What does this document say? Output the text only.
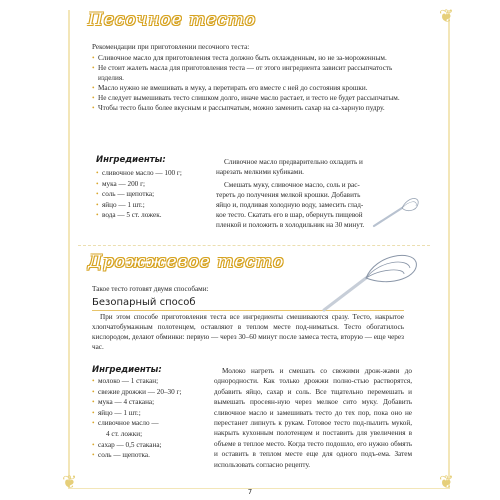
❦
❦	❦
Песочное тесто
Рекомендации при приготовлении песочного теста:
• Сливочное масло для приготовления теста должно быть охлажденным, но не за-мороженным.
• Не стоит жалеть масла для приготовления теста — от этого ингредиента зависит рассыпчатость изделия.
• Масло нужно не вмешивать в муку, а перетирать его вместе с ней до состояния крошки.
• Не следует вымешивать тесто слишком долго, иначе масло растает, и тесто не будет рассыпчатым.
• Чтобы тесто было более вкусным и рассыпчатым, можно заменить сахар на са-харную пудру.
Ингредиенты:
• сливочное масло — 100 г;
• мука — 200 г;
• соль — щепотка;
• яйцо — 1 шт.;
• вода — 5 ст. ложек.
Сливочное масло предварительно охладить и нарезать мелкими кубиками.
Смешать муку, сливочное масло, соль и рас-тереть до получения мелкой крошки. Добавить яйцо и, подливая холодную воду, замесить глад-кое тесто. Скатать его в шар, обернуть пищевой пленкой и положить в холодильник на 30 минут.
Дрожжевое тесто
Такое тесто готовят двумя способами:
Безопарный способ
При этом способе приготовления теста все ингредиенты смешиваются сразу. Тесто, накрытое хлопчатобумажным полотенцем, оставляют в теплом месте под-ниматься. Тесто обогатилось кислородом, делают обминки: первую — через 30–60 минут после замеса теста, вторую — еще через час.
Ингредиенты:
• молоко — 1 стакан;
• свежие дрожжи — 20–30 г;
• мука — 4 стакана;
• яйцо — 1 шт.;
• сливочное масло —
4 ст. ложки;
• сахар — 0,5 стакана;
• соль — щепотка.
Молоко нагреть и смешать со свежими дрож-жами до однородности. Как только дрожжи полно-стью растворятся, добавить яйцо, сахар и соль. Все тщательно перемешать и вымешать просеян-ную через мелкое сито муку. Добавить сливочное масло и замешивать тесто до тех пор, пока оно не перестанет липнуть к рукам. Готовое тесто под-пылить мукой, накрыть кухонным полотенцем и поставить для увеличения в объеме в теплое место. Когда тесто подошло, его нужно обмять и оставить в теплом месте еще для одного подъ-ема. Затем использовать согласно рецепту.
7
